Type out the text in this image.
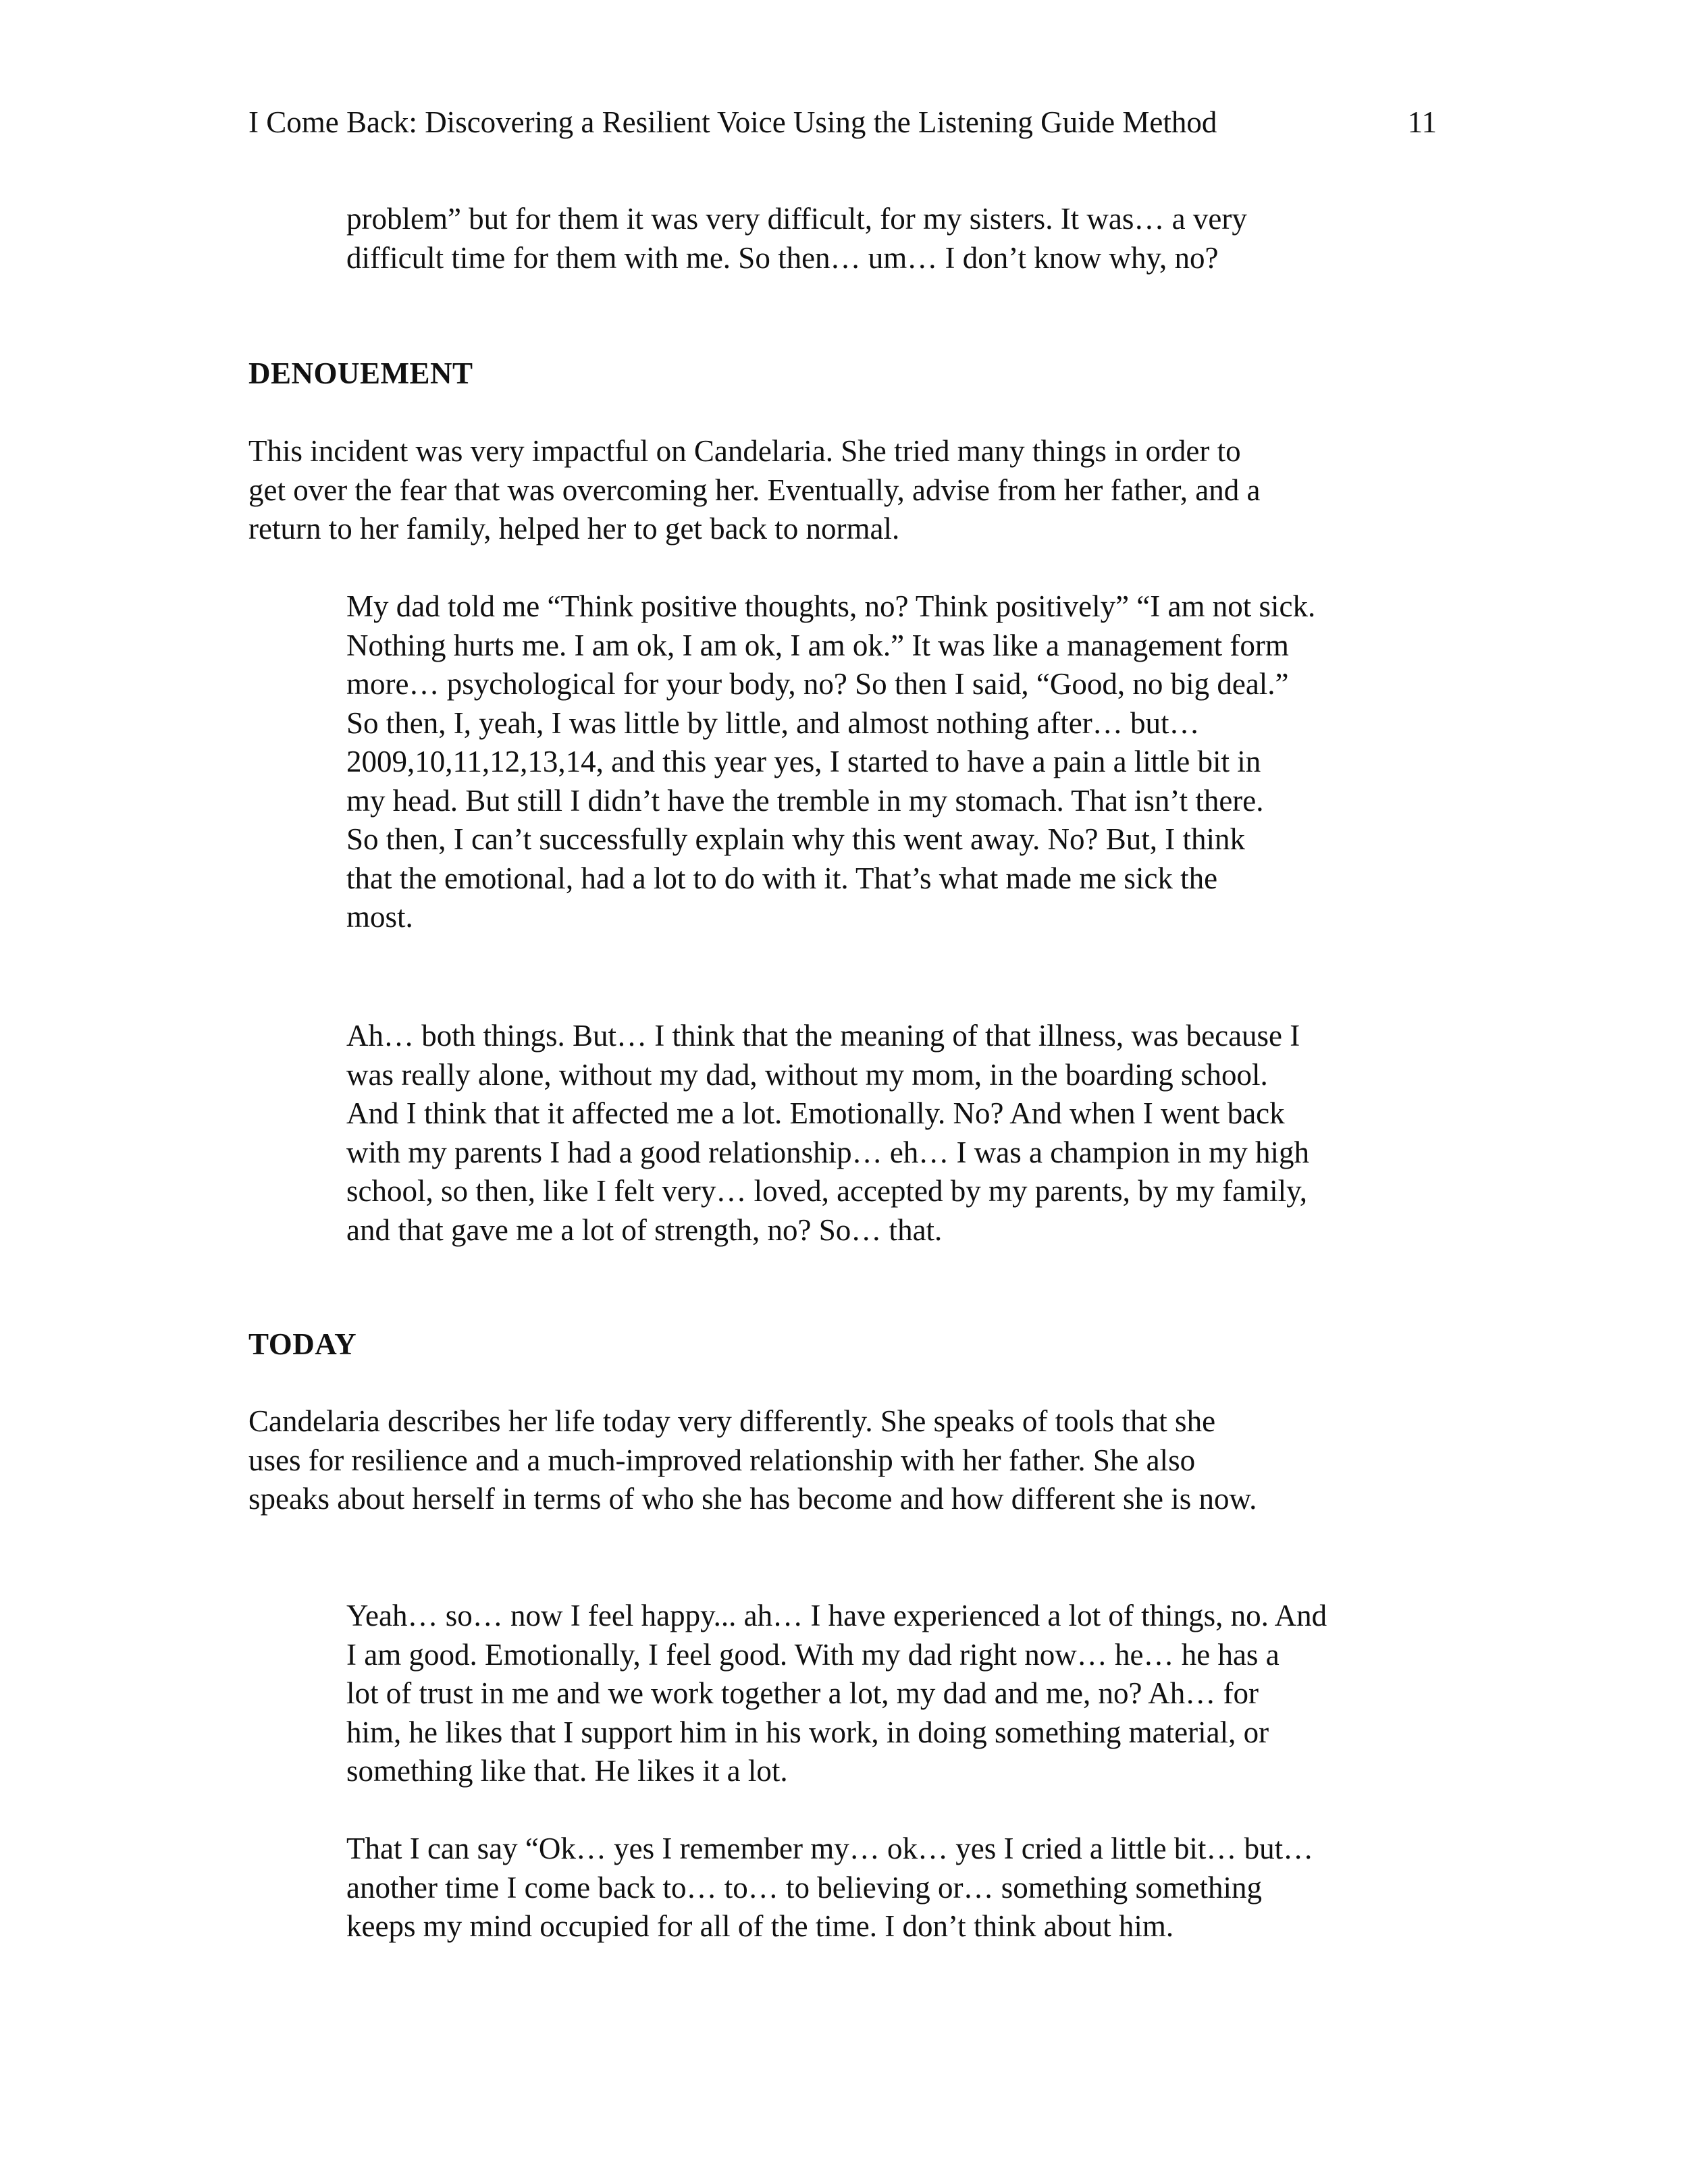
I Come Back: Discovering a Resilient Voice Using the Listening Guide Method	11
problem” but for them it was very difficult, for my sisters. It was… a very
difficult time for them with me. So then… um… I don’t know why, no?
DENOUEMENT
This incident was very impactful on Candelaria. She tried many things in order to
get over the fear that was overcoming her. Eventually, advise from her father, and a
return to her family, helped her to get back to normal.
My dad told me “Think positive thoughts, no? Think positively” “I am not sick.
Nothing hurts me. I am ok, I am ok, I am ok.” It was like a management form
more… psychological for your body, no? So then I said, “Good, no big deal.”
So then, I, yeah, I was little by little, and almost nothing after… but…
2009,10,11,12,13,14, and this year yes, I started to have a pain a little bit in
my head. But still I didn’t have the tremble in my stomach. That isn’t there.
So then, I can’t successfully explain why this went away. No? But, I think
that the emotional, had a lot to do with it. That’s what made me sick the
most.
Ah… both things. But… I think that the meaning of that illness, was because I
was really alone, without my dad, without my mom, in the boarding school.
And I think that it affected me a lot. Emotionally. No? And when I went back
with my parents I had a good relationship… eh… I was a champion in my high
school, so then, like I felt very… loved, accepted by my parents, by my family,
and that gave me a lot of strength, no? So… that.
TODAY
Candelaria describes her life today very differently. She speaks of tools that she
uses for resilience and a much-improved relationship with her father. She also
speaks about herself in terms of who she has become and how different she is now.
Yeah… so… now I feel happy... ah… I have experienced a lot of things, no. And
I am good. Emotionally, I feel good. With my dad right now… he… he has a
lot of trust in me and we work together a lot, my dad and me, no? Ah… for
him, he likes that I support him in his work, in doing something material, or
something like that. He likes it a lot.
That I can say “Ok… yes I remember my… ok… yes I cried a little bit… but…
another time I come back to… to… to believing or… something something
keeps my mind occupied for all of the time. I don’t think about him.
